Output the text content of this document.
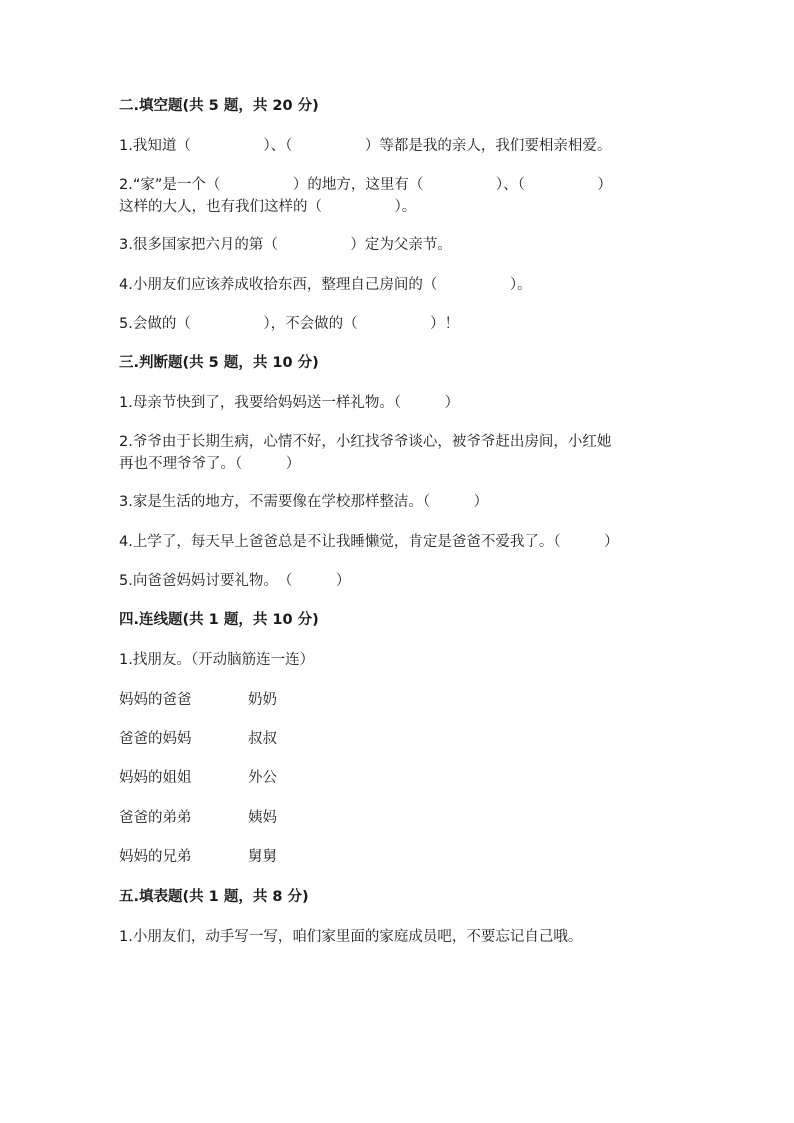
二.填空题(共 5 题，共 20 分)
1.我知道（　　　　　）、（　　　　　）等都是我的亲人，我们要相亲相爱。
2.“家”是一个（　　　　　）的地方，这里有（　　　　　）、（　　　　　）
这样的大人，也有我们这样的（　　　　　）。
3.很多国家把六月的第（　　　　　）定为父亲节。
4.小朋友们应该养成收拾东西，整理自己房间的（　　　　　）。
5.会做的（　　　　　），不会做的（　　　　　）！
三.判断题(共 5 题，共 10 分)
1.母亲节快到了，我要给妈妈送一样礼物。（　　　）
2.爷爷由于长期生病，心情不好，小红找爷爷谈心，被爷爷赶出房间，小红她
再也不理爷爷了。（　　　）
3.家是生活的地方，不需要像在学校那样整洁。（　　　）
4.上学了，每天早上爸爸总是不让我睡懒觉，肯定是爸爸不爱我了。（　　　）
5.向爸爸妈妈讨要礼物。　（　　　）
四.连线题(共 1 题，共 10 分)
1.找朋友。（开动脑筋连一连）
妈妈的爸爸	奶奶
爸爸的妈妈	叔叔
妈妈的姐姐	外公
爸爸的弟弟	姨妈
妈妈的兄弟	舅舅
五.填表题(共 1 题，共 8 分)
1.小朋友们，动手写一写，咱们家里面的家庭成员吧，不要忘记自己哦。
